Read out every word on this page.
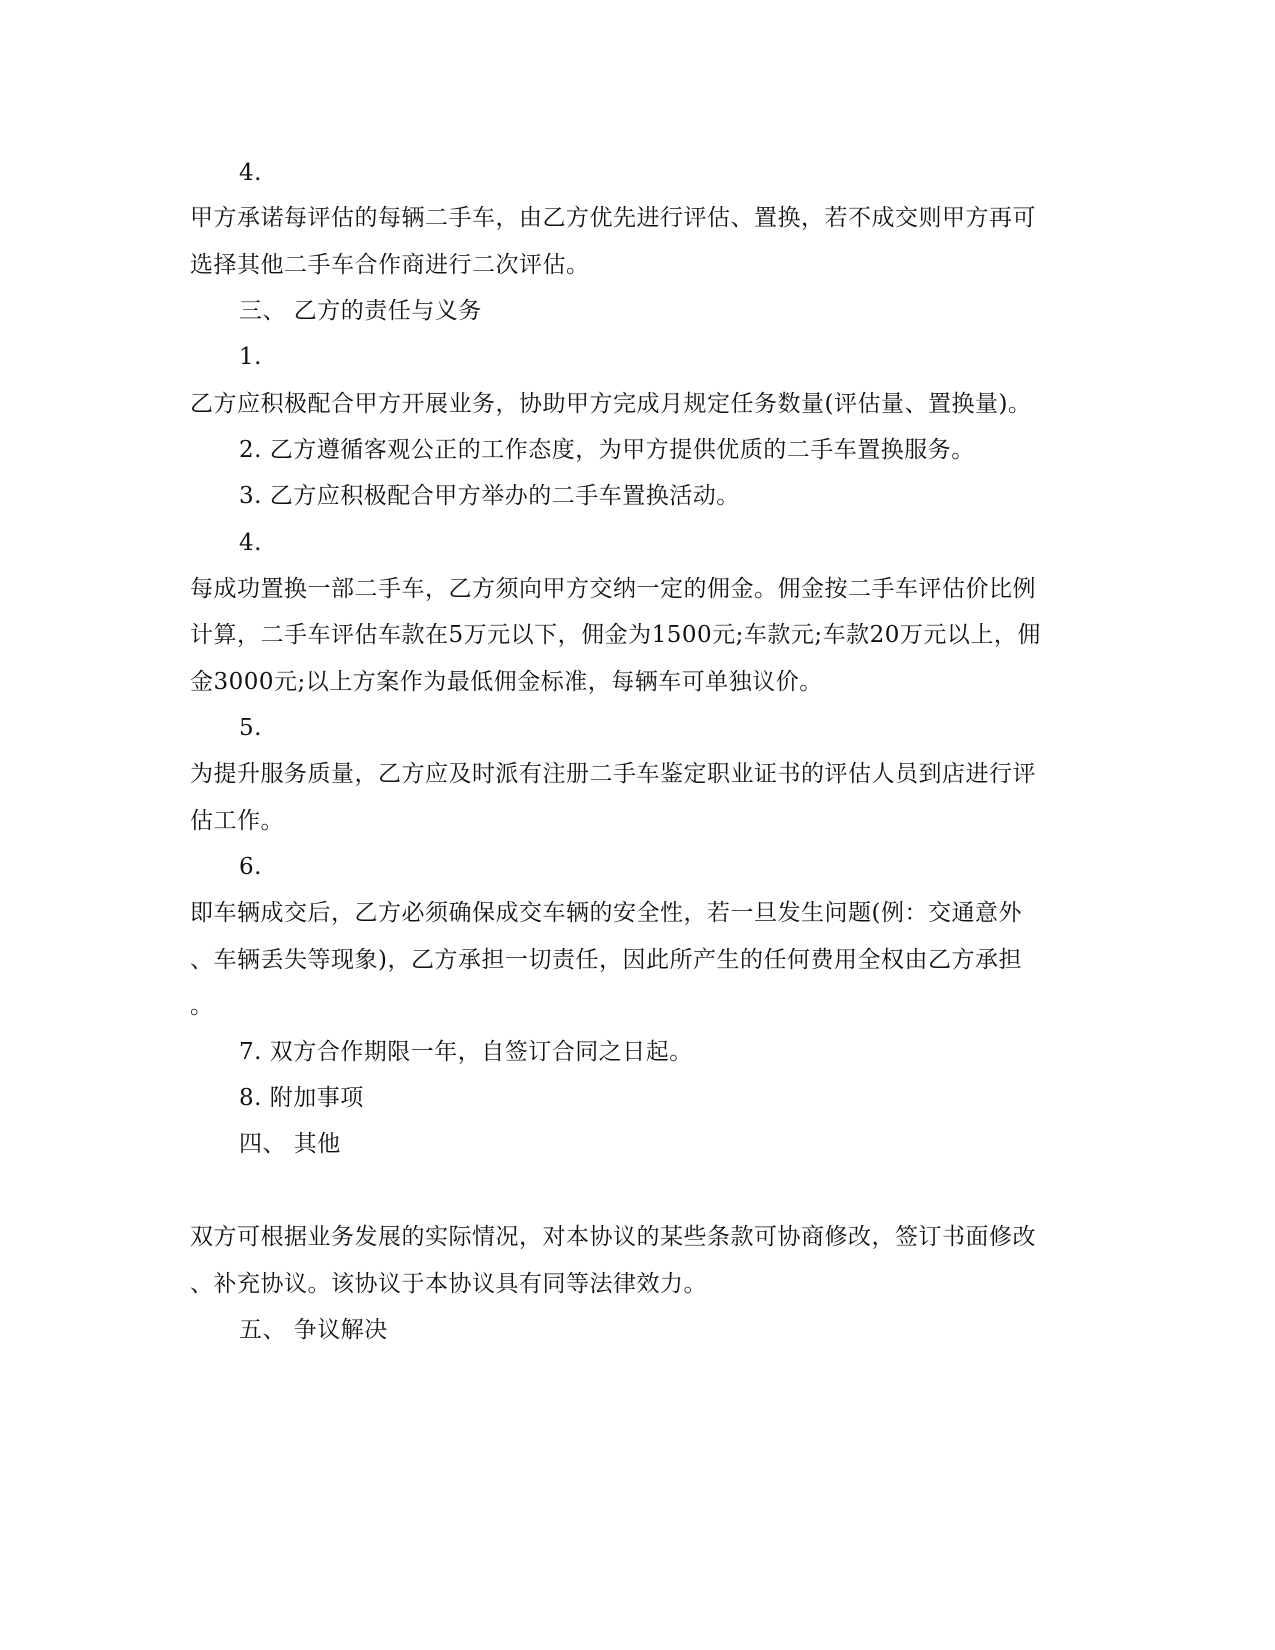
4.
甲方承诺每评估的每辆二手车，由乙方优先进行评估、置换，若不成交则甲方再可
选择其他二手车合作商进行二次评估。
三、 乙方的责任与义务
1.
乙方应积极配合甲方开展业务，协助甲方完成月规定任务数量(评估量、置换量)。
2. 乙方遵循客观公正的工作态度，为甲方提供优质的二手车置换服务。
3. 乙方应积极配合甲方举办的二手车置换活动。
4.
每成功置换一部二手车，乙方须向甲方交纳一定的佣金。佣金按二手车评估价比例
计算，二手车评估车款在5万元以下，佣金为1500元;车款元;车款20万元以上，佣
金3000元;以上方案作为最低佣金标准，每辆车可单独议价。
5.
为提升服务质量，乙方应及时派有注册二手车鉴定职业证书的评估人员到店进行评
估工作。
6.
即车辆成交后，乙方必须确保成交车辆的安全性，若一旦发生问题(例：交通意外
、车辆丢失等现象)，乙方承担一切责任，因此所产生的任何费用全权由乙方承担
。
7. 双方合作期限一年，自签订合同之日起。
8. 附加事项
四、 其他
双方可根据业务发展的实际情况，对本协议的某些条款可协商修改，签订书面修改
、补充协议。该协议于本协议具有同等法律效力。
五、 争议解决
